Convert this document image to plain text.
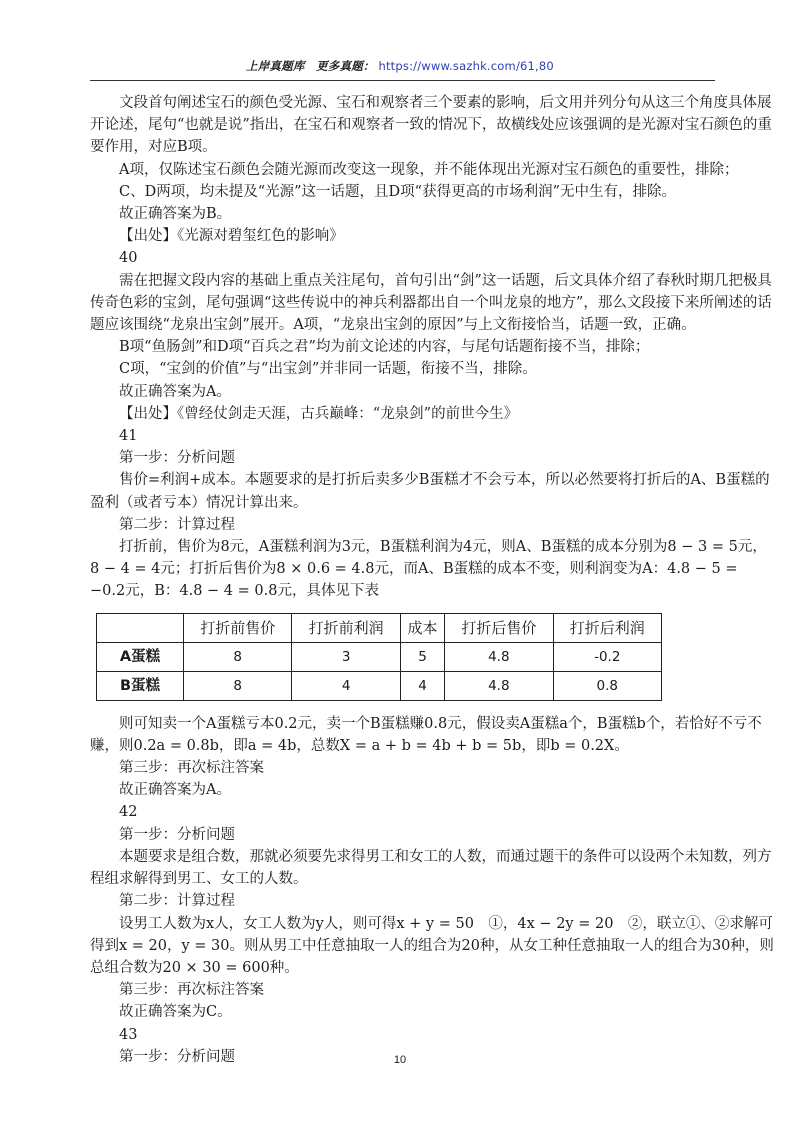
上岸真题库 更多真题： https://www.sazhk.com/61,80

文段首句阐述宝石的颜色受光源、宝石和观察者三个要素的影响，后文用并列分句从这三个角度具体展开论述，尾句“也就是说”指出，在宝石和观察者一致的情况下，故横线处应该强调的是光源对宝石颜色的重要作用，对应B项。

A项，仅陈述宝石颜色会随光源而改变这一现象，并不能体现出光源对宝石颜色的重要性，排除；

C、D两项，均未提及“光源”这一话题，且D项“获得更高的市场利润”无中生有，排除。

故正确答案为B。

【出处】《光源对碧玺红色的影响》

40

需在把握文段内容的基础上重点关注尾句，首句引出“剑”这一话题，后文具体介绍了春秋时期几把极具传奇色彩的宝剑，尾句强调“这些传说中的神兵利器都出自一个叫龙泉的地方”，那么文段接下来所阐述的话题应该围绕“龙泉出宝剑”展开。A项，“龙泉出宝剑的原因”与上文衔接恰当，话题一致，正确。

B项“鱼肠剑”和D项“百兵之君”均为前文论述的内容，与尾句话题衔接不当，排除；

C项，“宝剑的价值”与“出宝剑”并非同一话题，衔接不当，排除。

故正确答案为A。

【出处】《曾经仗剑走天涯，古兵巅峰：“龙泉剑”的前世今生》

41

第一步：分析问题

售价=利润+成本。本题要求的是打折后卖多少B蛋糕才不会亏本，所以必然要将打折后的A、B蛋糕的盈利（或者亏本）情况计算出来。

第二步：计算过程

打折前，售价为8元，A蛋糕利润为3元，B蛋糕利润为4元，则A、B蛋糕的成本分别为8 − 3 = 5元，8 − 4 = 4元；打折后售价为8 × 0.6 = 4.8元，而A、B蛋糕的成本不变，则利润变为A：4.8 − 5 = −0.2元，B：4.8 − 4 = 0.8元，具体见下表

	打折前售价	打折前利润	成本	打折后售价	打折后利润
A蛋糕	8	3	5	4.8	-0.2
B蛋糕	8	4	4	4.8	0.8

则可知卖一个A蛋糕亏本0.2元，卖一个B蛋糕赚0.8元，假设卖A蛋糕a个，B蛋糕b个，若恰好不亏不赚，则0.2a = 0.8b，即a = 4b，总数X = a + b = 4b + b = 5b，即b = 0.2X。

第三步：再次标注答案

故正确答案为A。

42

第一步：分析问题

本题要求是组合数，那就必须要先求得男工和女工的人数，而通过题干的条件可以设两个未知数，列方程组求解得到男工、女工的人数。

第二步：计算过程

设男工人数为x人，女工人数为y人，则可得x + y = 50　①，4x − 2y = 20　②，联立①、②求解可得到x = 20，y = 30。则从男工中任意抽取一人的组合为20种，从女工种任意抽取一人的组合为30种，则总组合数为20 × 30 = 600种。

第三步：再次标注答案

故正确答案为C。

43

第一步：分析问题	10
